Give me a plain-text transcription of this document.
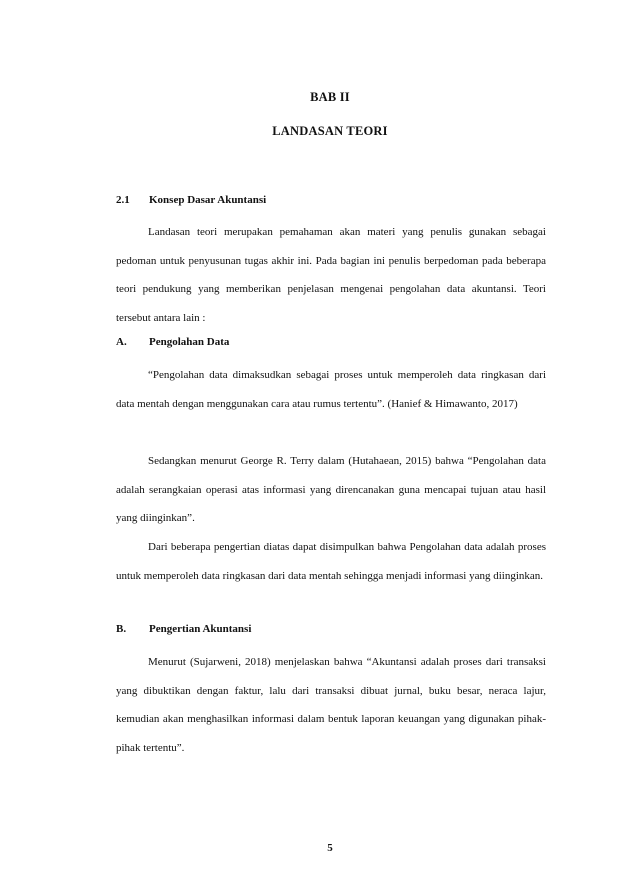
BAB II
LANDASAN TEORI
2.1 Konsep Dasar Akuntansi

Landasan teori merupakan pemahaman akan materi yang penulis gunakan sebagai pedoman untuk penyusunan tugas akhir ini. Pada bagian ini penulis berpedoman pada beberapa teori pendukung yang memberikan penjelasan mengenai pengolahan data akuntansi. Teori tersebut antara lain :

A. Pengolahan Data

“Pengolahan data dimaksudkan sebagai proses untuk memperoleh data ringkasan dari data mentah dengan menggunakan cara atau rumus tertentu”. (Hanief & Himawanto, 2017)

Sedangkan menurut George R. Terry dalam (Hutahaean, 2015) bahwa “Pengolahan data adalah serangkaian operasi atas informasi yang direncanakan guna mencapai tujuan atau hasil yang diinginkan”.

Dari beberapa pengertian diatas dapat disimpulkan bahwa Pengolahan data adalah proses untuk memperoleh data ringkasan dari data mentah sehingga menjadi informasi yang diinginkan.

B. Pengertian Akuntansi

Menurut (Sujarweni, 2018) menjelaskan bahwa “Akuntansi adalah proses dari transaksi yang dibuktikan dengan faktur, lalu dari transaksi dibuat jurnal, buku besar, neraca lajur, kemudian akan menghasilkan informasi dalam bentuk laporan keuangan yang digunakan pihak-pihak tertentu”.

5
